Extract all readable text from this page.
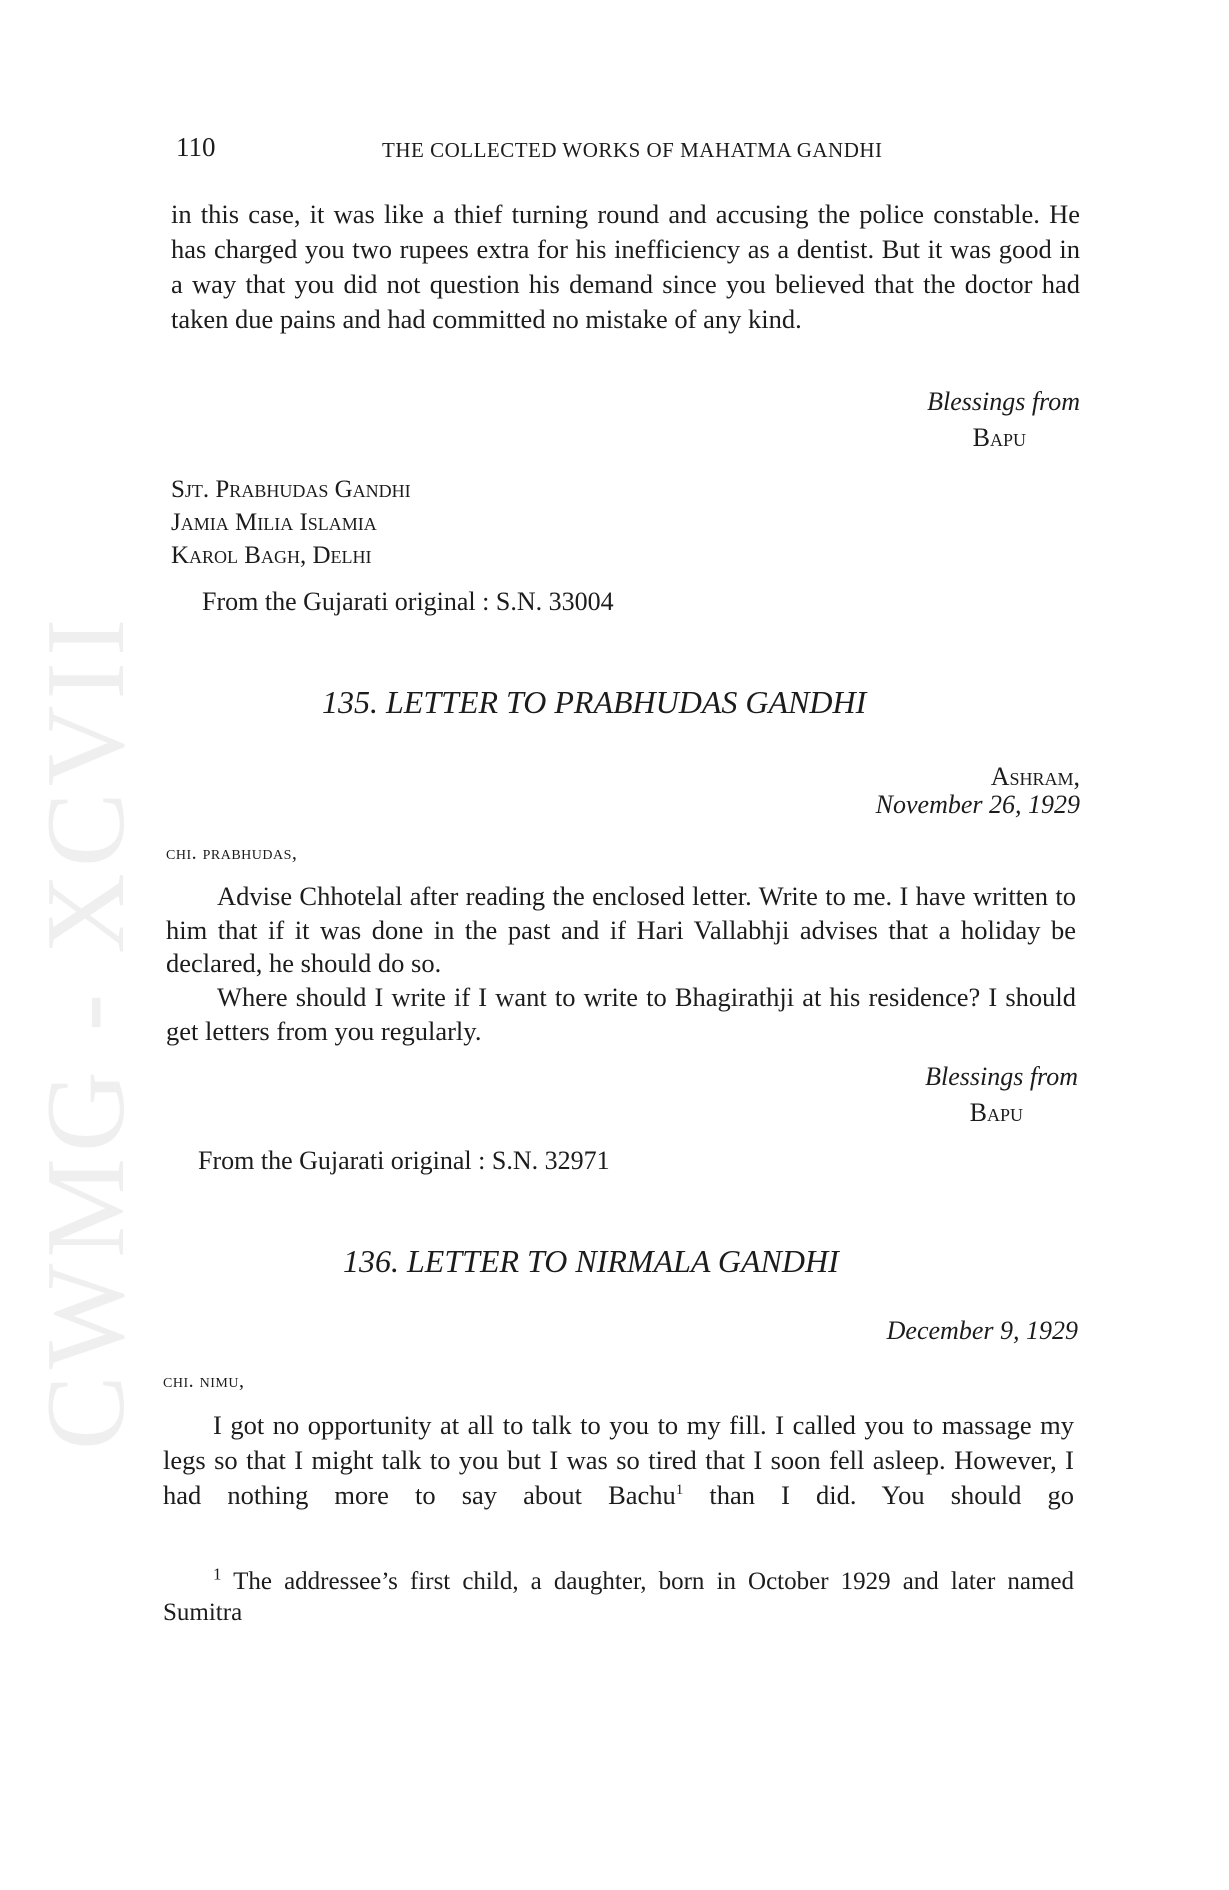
CWMG - XCVII
110	THE COLLECTED WORKS OF MAHATMA GANDHI

in this case, it was like a thief turning round and accusing the police constable. He has charged you two rupees extra for his inefficiency as a dentist. But it was good in a way that you did not question his demand since you believed that the doctor had taken due pains and had committed no mistake of any kind.

Blessings from
Bapu
Sjt. Prabhudas Gandhi
Jamia Milia Islamia
Karol Bagh, Delhi
From the Gujarati original : S.N. 33004
135. LETTER TO PRABHUDAS GANDHI
Ashram,
November 26, 1929
chi. prabhudas,

Advise Chhotelal after reading the enclosed letter. Write to me. I have written to him that if it was done in the past and if Hari Vallabhji advises that a holiday be declared, he should do so.

Where should I write if I want to write to Bhagirathji at his residence? I should get letters from you regularly.

Blessings from
Bapu
From the Gujarati original : S.N. 32971
136. LETTER TO NIRMALA GANDHI
December 9, 1929
chi. nimu,

I got no opportunity at all to talk to you to my fill. I called you to massage my legs so that I might talk to you but I was so tired that I soon fell asleep. However, I had nothing more to say about Bachu$^1$ than I did. You should go

$^1$ The addressee’s first child, a daughter, born in October 1929 and later named Sumitra
